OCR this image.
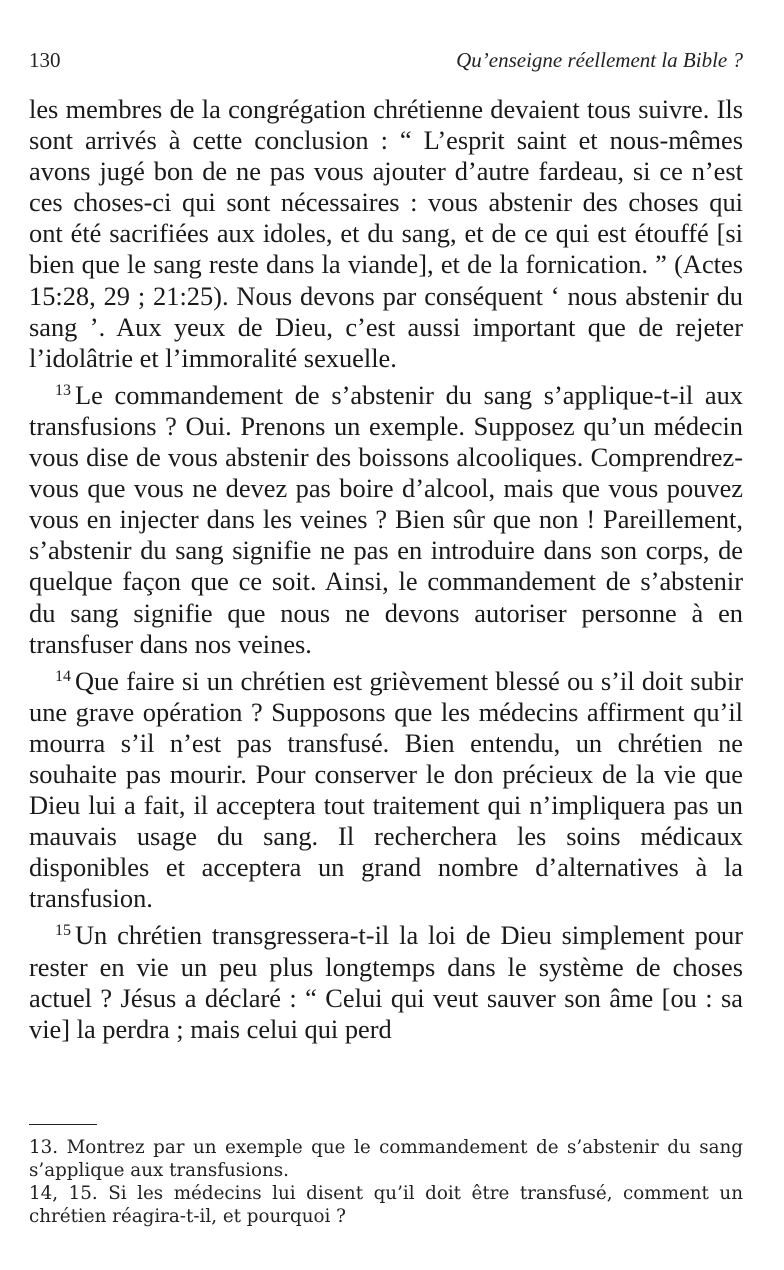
130	Qu’enseigne réellement la Bible ?

les membres de la congrégation chrétienne devaient tous suivre. Ils sont arrivés à cette conclusion : “ L’esprit saint et nous-mêmes avons jugé bon de ne pas vous ajouter d’autre fardeau, si ce n’est ces choses-ci qui sont nécessaires : vous abstenir des choses qui ont été sacrifiées aux idoles, et du sang, et de ce qui est étouffé [si bien que le sang reste dans la viande], et de la fornication. ” (Actes 15:28, 29 ; 21:25). Nous devons par conséquent ‘ nous abstenir du sang ’. Aux yeux de Dieu, c’est aussi important que de rejeter l’idolâtrie et l’immoralité sexuelle.

$^{13}$ Le commandement de s’abstenir du sang s’applique-t-il aux transfusions ? Oui. Prenons un exemple. Supposez qu’un médecin vous dise de vous abstenir des boissons alcooliques. Comprendrez-vous que vous ne devez pas boire d’alcool, mais que vous pouvez vous en injecter dans les veines ? Bien sûr que non ! Pareillement, s’abstenir du sang signifie ne pas en introduire dans son corps, de quelque façon que ce soit. Ainsi, le commandement de s’abstenir du sang signifie que nous ne devons autoriser personne à en transfuser dans nos veines.

$^{14}$ Que faire si un chrétien est grièvement blessé ou s’il doit subir une grave opération ? Supposons que les médecins affirment qu’il mourra s’il n’est pas transfusé. Bien entendu, un chrétien ne souhaite pas mourir. Pour conserver le don précieux de la vie que Dieu lui a fait, il acceptera tout traitement qui n’impliquera pas un mauvais usage du sang. Il recherchera les soins médicaux disponibles et acceptera un grand nombre d’alternatives à la transfusion.

$^{15}$ Un chrétien transgressera-t-il la loi de Dieu simplement pour rester en vie un peu plus longtemps dans le système de choses actuel ? Jésus a déclaré : “ Celui qui veut sauver son âme [ou : sa vie] la perdra ; mais celui qui perd

13. Montrez par un exemple que le commandement de s’abstenir du sang s’applique aux transfusions.

14, 15. Si les médecins lui disent qu’il doit être transfusé, comment un chrétien réagira-t-il, et pourquoi ?
